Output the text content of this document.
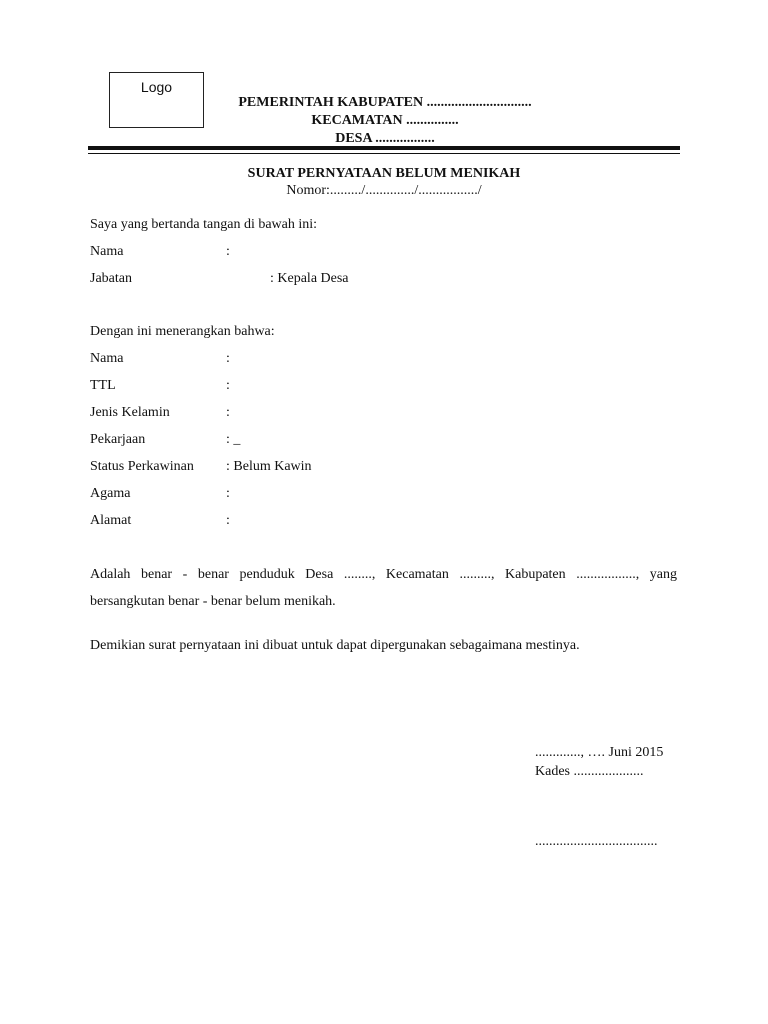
Logo
PEMERINTAH KABUPATEN ..............................
KECAMATAN ...............
DESA .................
SURAT PERNYATAAN BELUM MENIKAH
Nomor:........./............../................./
Saya yang bertanda tangan di bawah ini:
Nama	:
Jabatan	: Kepala Desa
Dengan ini menerangkan bahwa:
Nama	:
TTL	:
Jenis Kelamin	:
Pekarjaan	: _
Status Perkawinan : Belum Kawin
Agama	:
Alamat	:
Adalah benar - benar penduduk Desa ........, Kecamatan ........., Kabupaten ................., yang bersangkutan benar - benar belum menikah.
Demikian surat pernyataan ini dibuat untuk dapat dipergunakan sebagaimana mestinya.
............., …. Juni 2015
Kades ....................
...................................
